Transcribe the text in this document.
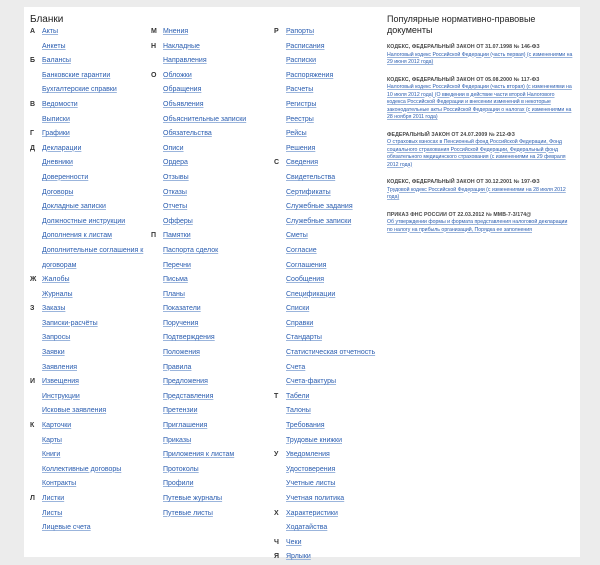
Бланки
А Акты
Анкеты
Б Балансы
Банковские гарантии
Бухгалтерские справки
В Ведомости
Выписки
Г Графики
Д Декларации
Дневники
Доверенности
Договоры
Докладные записки
Должностные инструкции
Дополнения к листам
Дополнительные соглашения к
договорам
Ж Жалобы
Журналы
З Заказы
Записки-расчёты
Запросы
Заявки
Заявления
И Извещения
Инструкции
Исковые заявления
К Карточки
Карты
Книги
Коллективные договоры
Контракты
Л Листки
Листы
Лицевые счета
М Мнения
Н Накладные
Направления
О Обложки
Обращения
Объявления
Объяснительные записки
Обязательства
Описи
Ордера
Отзывы
Отказы
Отчеты
Офферы
П Памятки
Паспорта сделок
Перечни
Письма
Планы
Показатели
Поручения
Подтверждения
Положения
Правила
Предложения
Представления
Претензии
Приглашения
Приказы
Приложения к листам
Протоколы
Профили
Путевые журналы
Путевые листы
Р Рапорты
Расписания
Расписки
Распоряжения
Расчеты
Регистры
Реестры
Рейсы
Решения
С Сведения
Свидетельства
Сертификаты
Служебные задания
Служебные записки
Сметы
Согласие
Соглашения
Сообщения
Спецификации
Списки
Справки
Стандарты
Статистическая отчетность
Счета
Счета-фактуры
Т Табели
Талоны
Требования
Трудовые книжки
У Уведомления
Удостоверения
Учетные листы
Учетная политика
Х Характеристики
Ходатайства
Ч Чеки
Я Ярлыки
Популярные нормативно-правовые документы
КОДЕКС, ФЕДЕРАЛЬНЫЙ ЗАКОН ОТ 31.07.1998 № 146-ФЗ
Налоговый кодекс Российской Федерации (часть первая) (с изменениями на 29 июня 2012 года)
КОДЕКС, ФЕДЕРАЛЬНЫЙ ЗАКОН ОТ 05.08.2000 № 117-ФЗ
Налоговый кодекс Российской Федерации (часть вторая) (с изменениями на 10 июля 2012 года) (О введении в действие части второй Налогового кодекса Российской Федерации и внесении изменений в некоторые законодательные акты Российской Федерации о налогах (с изменениями на 28 ноября 2011 года)
ФЕДЕРАЛЬНЫЙ ЗАКОН ОТ 24.07.2009 № 212-ФЗ
О страховых взносах в Пенсионный фонд Российской Федерации, Фонд социального страхования Российской Федерации, Федеральный фонд обязательного медицинского страхования (с изменениями на 29 февраля 2012 года)
КОДЕКС, ФЕДЕРАЛЬНЫЙ ЗАКОН ОТ 30.12.2001 № 197-ФЗ
Трудовой кодекс Российской Федерации (с изменениями на 28 июля 2012 года)
ПРИКАЗ ФНС РОССИИ ОТ 22.03.2012 № ММВ-7-3/174@
Об утверждении формы и формата представления налоговой декларации по налогу на прибыль организаций, Порядка ее заполнения
